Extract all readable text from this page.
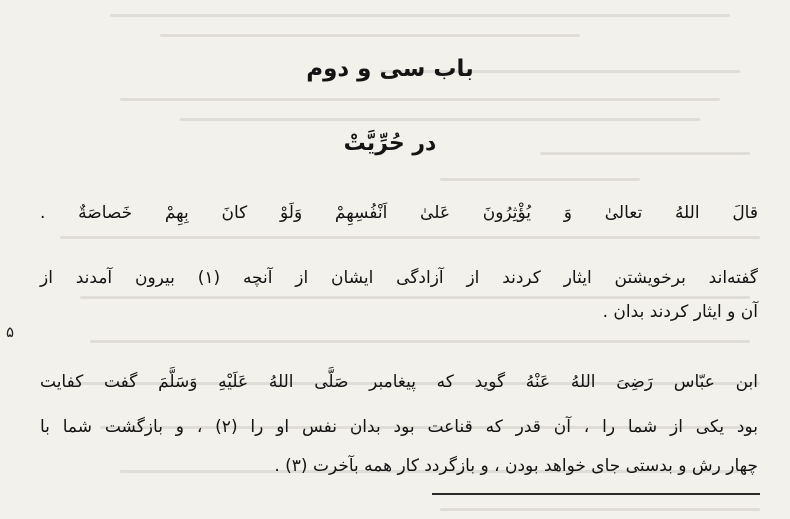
باب سی و دوم
در حُرِّیَّتْ
قالَ اللهُ تعالیٰ وَ یُؤْثِرُونَ عَلیٰ اَنْفُسِهِمْ وَلَوْ کانَ بِهِمْ خَصاصَةٌ .
گفته‌اند برخویشتن ایثار کردند از آزادگی ایشان از آنچه (۱) بیرون آمدند از
آن و ایثار کردند بدان .
ابن عبّاس رَضِیَ اللهُ عَنْهُ گوید که پیغامبر صَلَّی اللهُ عَلَیْهِ وَسَلَّمَ گفت کفایت
بود یکی از شما را ، آن قدر که قناعت بود بدان نفس او را (۲) ، و بازگشت شما با
چهار رش و بدستی جای خواهد بودن ، و بازگردد کار همه بآخرت (۳) .
۵
